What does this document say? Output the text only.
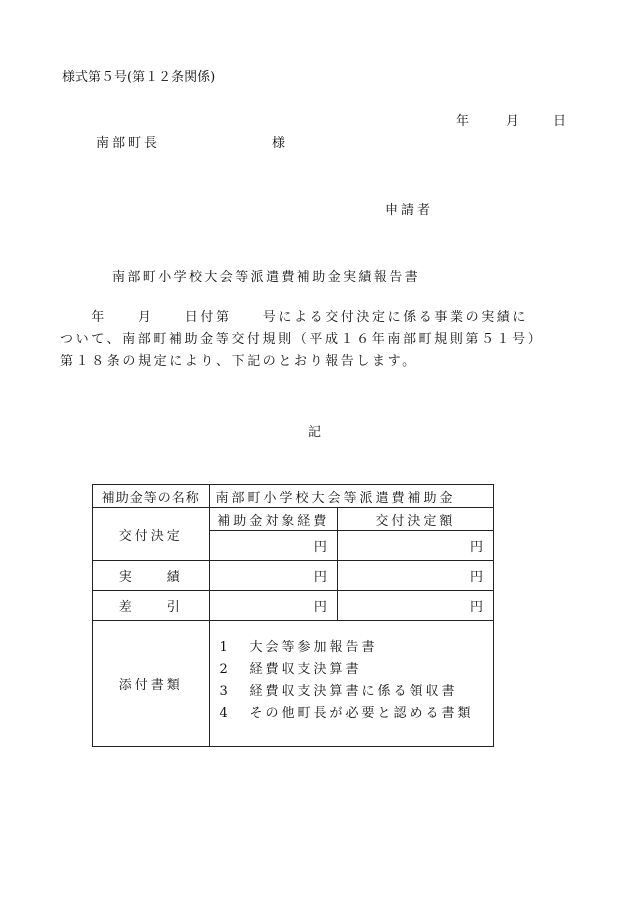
様式第５号(第１２条関係)
年	月	日
南部町長	様
申請者
南部町小学校大会等派遣費補助金実績報告書
　　年　　月　　日付第　　号による交付決定に係る事業の実績に
ついて、南部町補助金等交付規則（平成１６年南部町規則第５１号）
第１８条の規定により、下記のとおり報告します。
記
補助金等の名称	南部町小学校大会等派遣費補助金	
交付決定	補助金対象経費	交付決定額
	円	円
実　　績	円	円
差　　引	円	円
添付書類	1 大会等参加報告書
2 経費収支決算書
3 経費収支決算書に係る領収書
4 その他町長が必要と認める書類	
